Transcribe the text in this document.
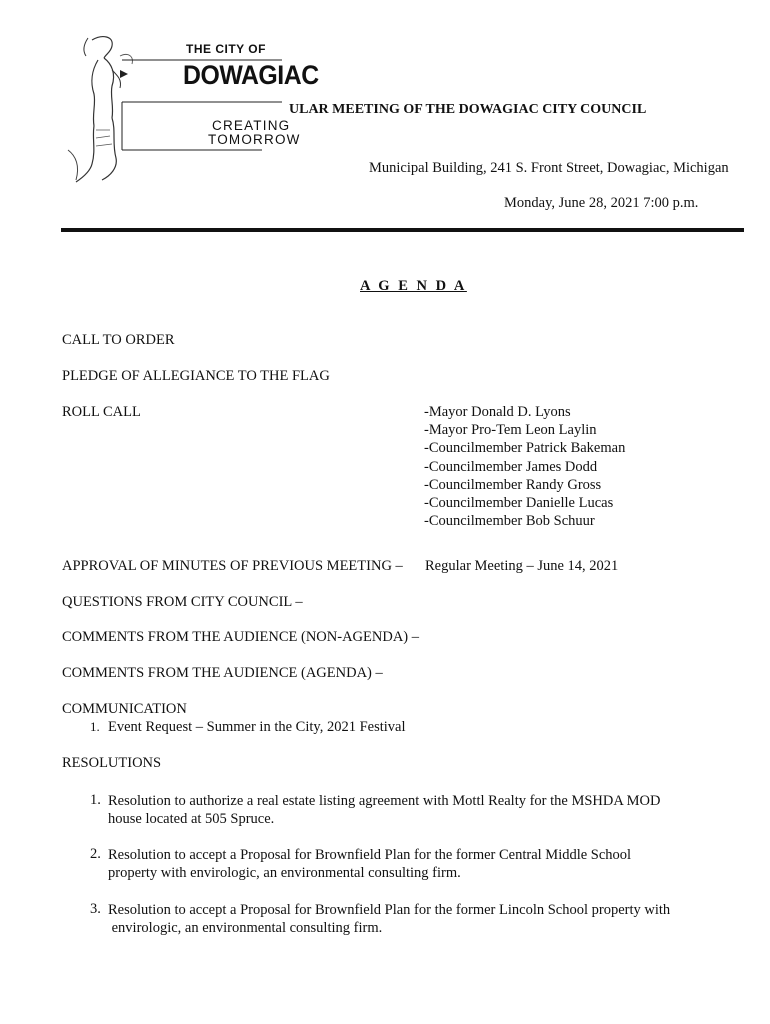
THE CITY OF
DOWAGIAC
CREATING
TOMORROW
ULAR MEETING OF THE DOWAGIAC CITY COUNCIL
Municipal Building, 241 S. Front Street, Dowagiac, Michigan
Monday, June 28, 2021 7:00 p.m.
A G E N D A
CALL TO ORDER
PLEDGE OF ALLEGIANCE TO THE FLAG
ROLL CALL	-Mayor Donald D. Lyons
-Mayor Pro-Tem Leon Laylin
-Councilmember Patrick Bakeman
-Councilmember James Dodd
-Councilmember Randy Gross
-Councilmember Danielle Lucas
-Councilmember Bob Schuur
APPROVAL OF MINUTES OF PREVIOUS MEETING – Regular Meeting – June 14, 2021
QUESTIONS FROM CITY COUNCIL –
COMMENTS FROM THE AUDIENCE (NON-AGENDA) –
COMMENTS FROM THE AUDIENCE (AGENDA) –
COMMUNICATION
1. Event Request – Summer in the City, 2021 Festival
RESOLUTIONS
1. Resolution to authorize a real estate listing agreement with Mottl Realty for the MSHDA MOD
house located at 505 Spruce.
2. Resolution to accept a Proposal for Brownfield Plan for the former Central Middle School
property with envirologic, an environmental consulting firm.
3. Resolution to accept a Proposal for Brownfield Plan for the former Lincoln School property with
envirologic, an environmental consulting firm.
